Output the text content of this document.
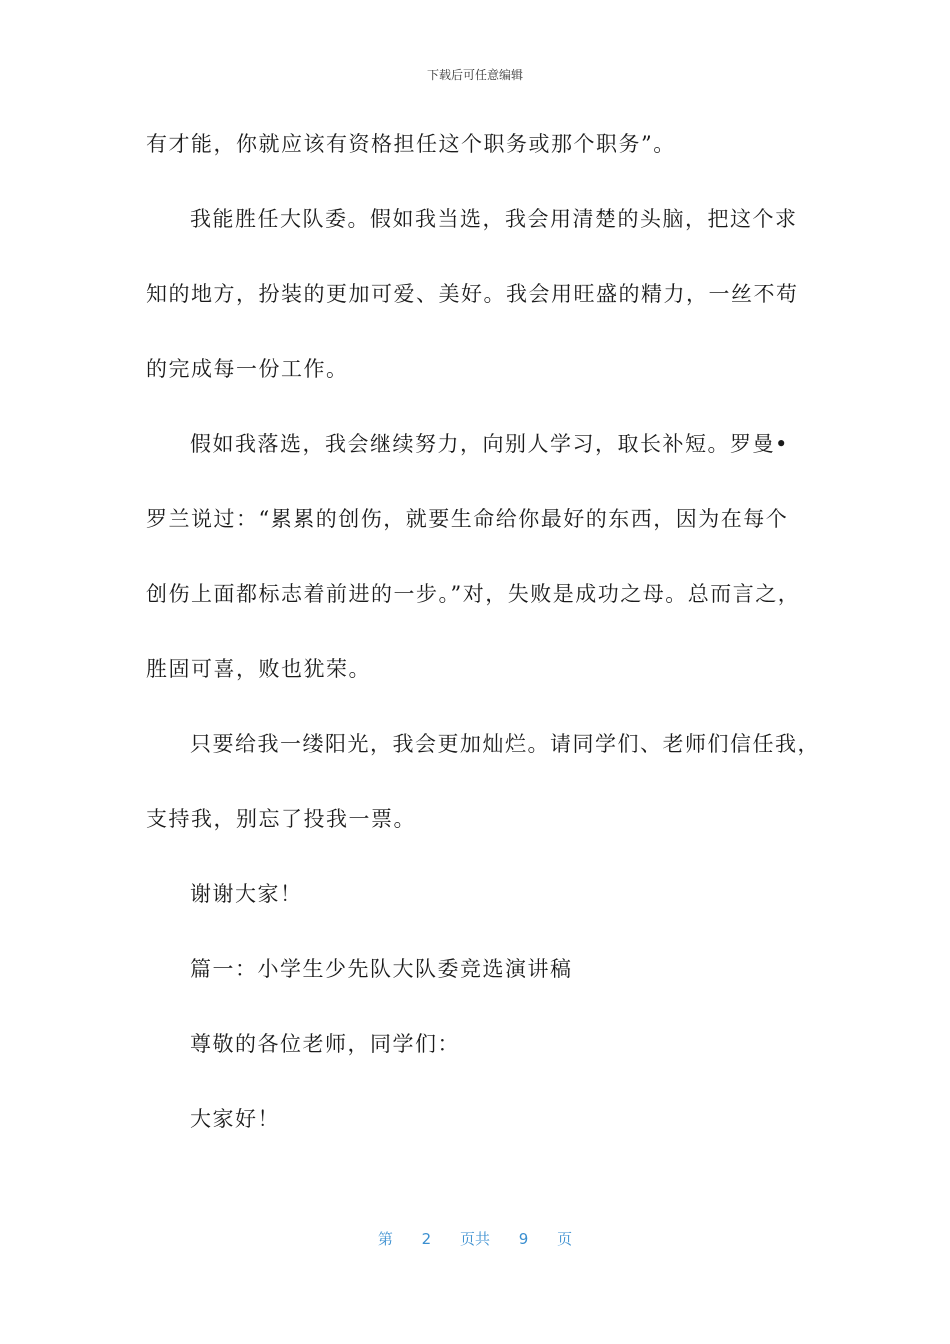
下载后可任意编辑
有才能，你就应该有资格担任这个职务或那个职务”。
我能胜任大队委。假如我当选，我会用清楚的头脑，把这个求
知的地方，扮装的更加可爱、美好。我会用旺盛的精力，一丝不苟
的完成每一份工作。
假如我落选，我会继续努力，向别人学习，取长补短。罗曼•
罗兰说过：“累累的创伤，就要生命给你最好的东西，因为在每个
创伤上面都标志着前进的一步。”对，失败是成功之母。总而言之，
胜固可喜，败也犹荣。
只要给我一缕阳光，我会更加灿烂。请同学们、老师们信任我，
支持我，别忘了投我一票。
谢谢大家！
篇一：小学生少先队大队委竞选演讲稿
尊敬的各位老师，同学们：
大家好！
第 2 页共 9 页
